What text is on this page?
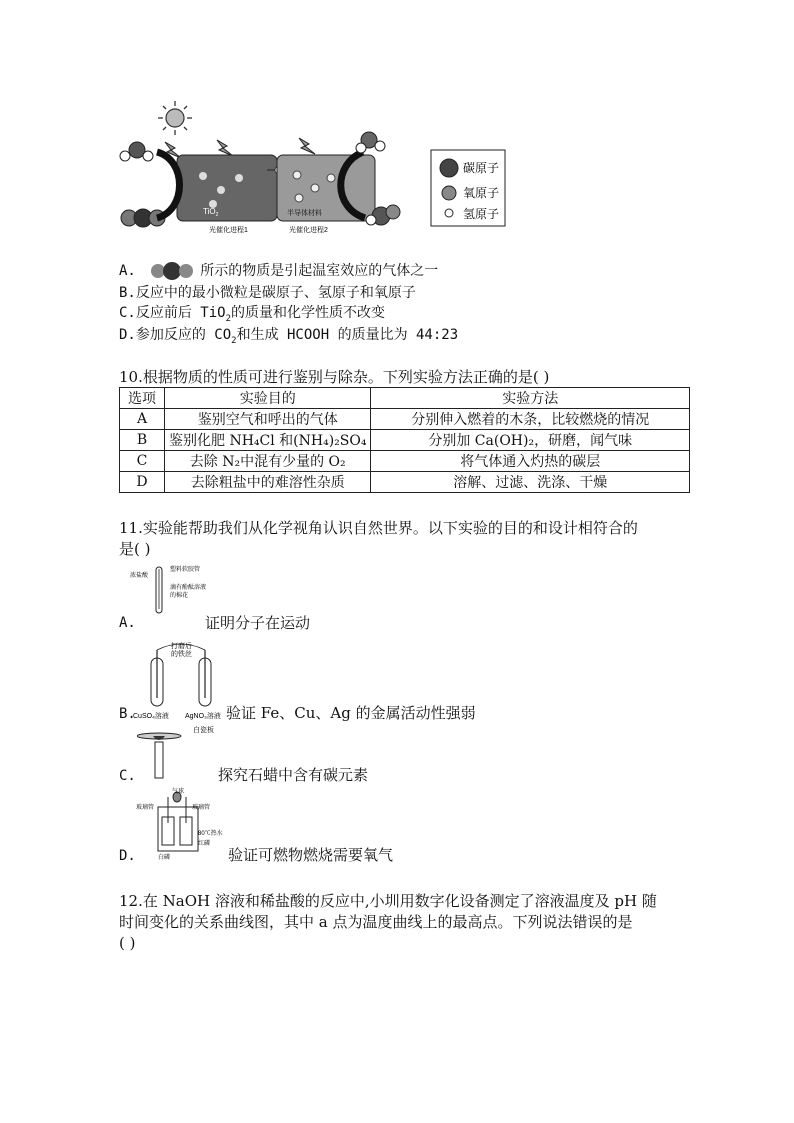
TiO$_2$	半导体材料
光催化进程1	光催化进程2
碳原子
氧原子
氢原子
A.	所示的物质是引起温室效应的气体之一
B.反应中的最小微粒是碳原子、氢原子和氧原子
C.反应前后 TiO$_2$的质量和化学性质不改变
D.参加反应的 $CO_2$和生成 HCOOH 的质量比为 44:23
10.根据物质的性质可进行鉴别与除杂。下列实验方法正确的是( )
选项	实验目的	实验方法
A	鉴别空气和呼出的气体	分别伸入燃着的木条，比较燃烧的情况
B	鉴别化肥 NH₄Cl 和(NH₄)₂SO₄	分别加 Ca(OH)₂，研磨，闻气味
C	去除 N₂中混有少量的 O₂	将气体通入灼热的碳层
D	去除粗盐中的难溶性杂质	溶解、过滤、洗涤、干燥
11.实验能帮助我们从化学视角认识自然世界。以下实验的目的和设计相符合的
是( )
浓盐酸
塑料软胶管
滴有酚酞溶液
的棉花
A.	证明分子在运动
打磨后
的铁丝
CuSO₄溶液 AgNO₃溶液
B.	验证 Fe、Cu、Ag 的金属活动性强弱
白瓷板
C.	探究石蜡中含有碳元素
气球
玻璃管	玻璃管
80℃热水
红磷
白磷
D.	验证可燃物燃烧需要氧气
12.在 NaOH 溶液和稀盐酸的反应中,小圳用数字化设备测定了溶液温度及 pH 随
时间变化的关系曲线图，其中 a 点为温度曲线上的最高点。下列说法错误的是
( )
